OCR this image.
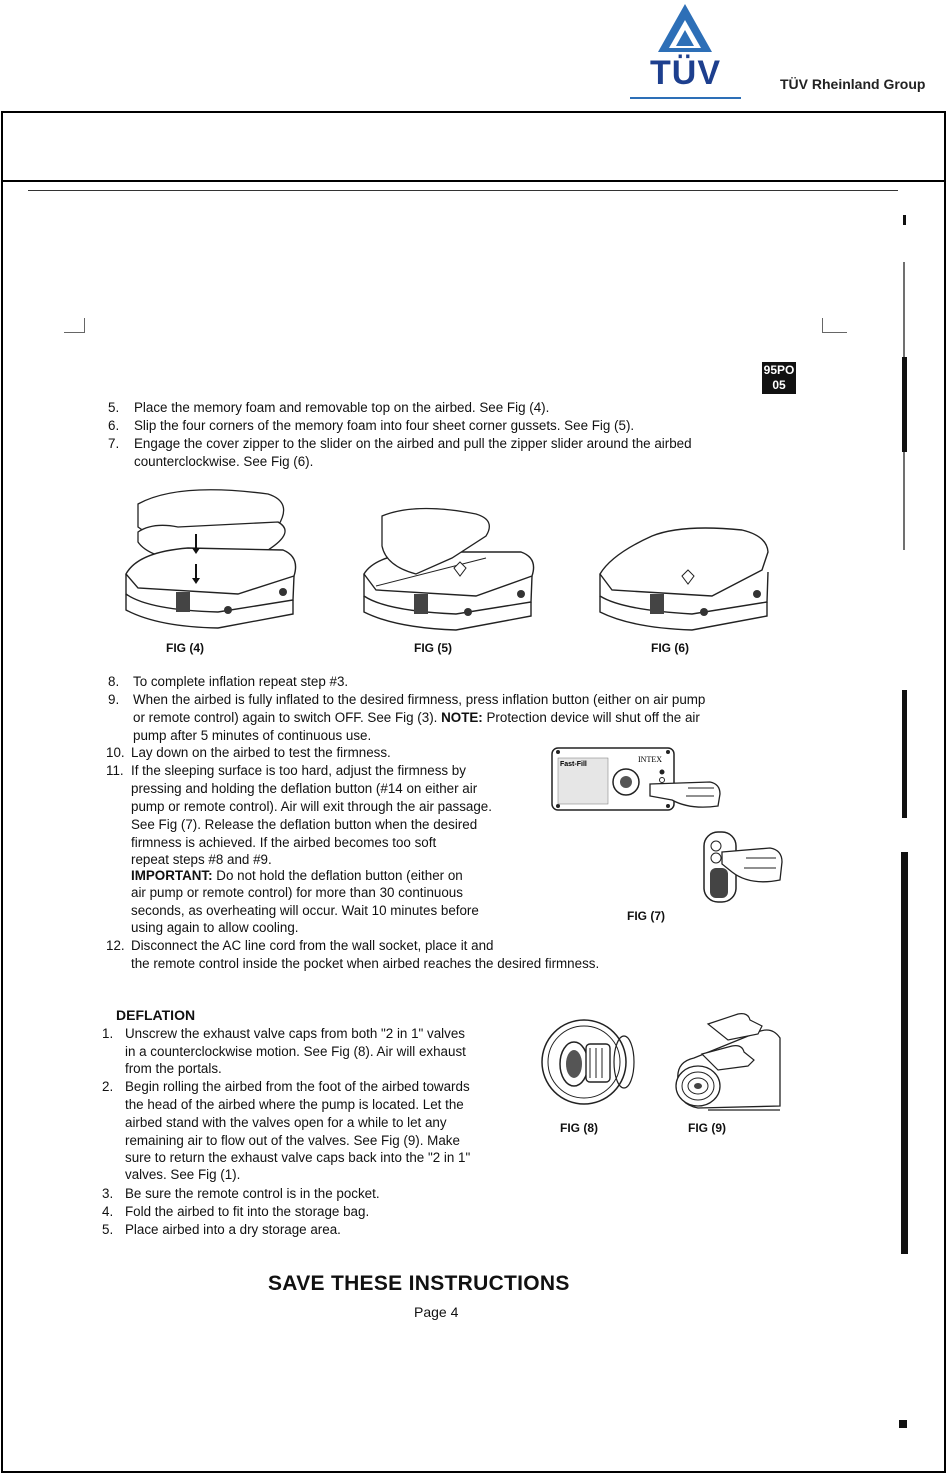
TÜV	TÜV Rheinland Group
95PO
05
5. Place the memory foam and removable top on the airbed. See Fig (4).
6. Slip the four corners of the memory foam into four sheet corner gussets. See Fig (5).
7. Engage the cover zipper to the slider on the airbed and pull the zipper slider around the airbed
counterclockwise. See Fig (6).
FIG (4)	FIG (5)	FIG (6)
8. To complete inflation repeat step #3.
9. When the airbed is fully inflated to the desired firmness, press inflation button (either on air pump
or remote control) again to switch OFF. See Fig (3). NOTE: Protection device will shut off the air
pump after 5 minutes of continuous use.
10. Lay down on the airbed to test the firmness.
11. If the sleeping surface is too hard, adjust the firmness by
pressing and holding the deflation button (#14 on either air
pump or remote control). Air will exit through the air passage.
See Fig (7). Release the deflation button when the desired
firmness is achieved. If the airbed becomes too soft
repeat steps #8 and #9.
IMPORTANT: Do not hold the deflation button (either on
air pump or remote control) for more than 30 continuous
seconds, as overheating will occur. Wait 10 minutes before
using again to allow cooling.
Fast-Fill
INTEX
FIG (7)
12. Disconnect the AC line cord from the wall socket, place it and
the remote control inside the pocket when airbed reaches the desired firmness.
DEFLATION
1. Unscrew the exhaust valve caps from both "2 in 1" valves
in a counterclockwise motion. See Fig (8). Air will exhaust
from the portals.
2. Begin rolling the airbed from the foot of the airbed towards
the head of the airbed where the pump is located. Let the
airbed stand with the valves open for a while to let any
remaining air to flow out of the valves. See Fig (9). Make
sure to return the exhaust valve caps back into the "2 in 1"
valves. See Fig (1).
3. Be sure the remote control is in the pocket.
4. Fold the airbed to fit into the storage bag.
5. Place airbed into a dry storage area.
FIG (8)	FIG (9)
SAVE THESE INSTRUCTIONS
Page 4
